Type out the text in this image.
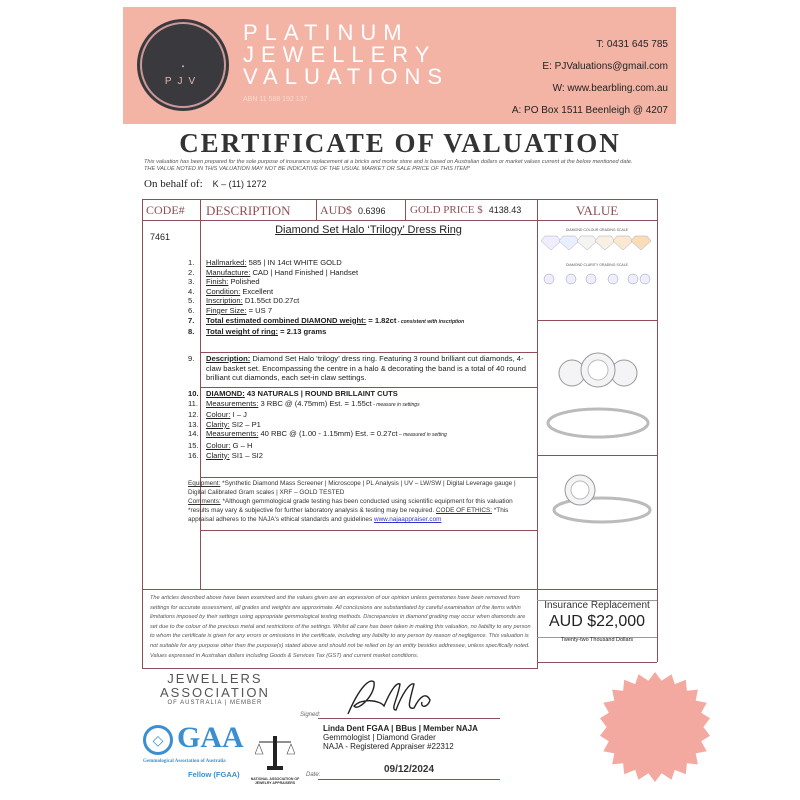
◆
PJV
PLATINUM
JEWELLERY
VALUATIONS
ABN 11 588 192 137
T: 0431 645 785
E: PJValuations@gmail.com
W: www.bearbling.com.au
A: PO Box 1511 Beenleigh @ 4207
CERTIFICATE OF VALUATION
This valuation has been prepared for the sole purpose of insurance replacement at a bricks and mortar store and is based on Australian dollars or market values current at the below mentioned date.
THE VALUE NOTED IN THIS VALUATION MAY NOT BE INDICATIVE OF THE USUAL MARKET OR SALE PRICE OF THIS ITEM*
On behalf of: K – (11) 1272
CODE# DESCRIPTION AUD$ 0.6396 GOLD PRICE $ 4138.43	VALUE
7461
Diamond Set Halo ‘Trilogy’ Dress Ring
1.	Hallmarked: 585 | IN 14ct WHITE GOLD
2.	Manufacture: CAD | Hand Finished | Handset
3.	Finish: Polished
4.	Condition: Excellent
5.	Inscription: D1.55ct D0.27ct
6.	Finger Size: = US 7
7.	Total estimated combined DIAMOND weight: = 1.82ct - consistent with inscription
8.	Total weight of ring: = 2.13 grams
9.	Description: Diamond Set Halo ‘trilogy’ dress ring. Featuring 3 round brilliant cut diamonds, 4-claw basket set. Encompassing the centre in a halo & decorating the band is a total of 40 round brilliant cut diamonds, each set-in claw settings.
10. DIAMOND: 43 NATURALS | ROUND BRILLAINT CUTS
11.	Measurements: 3 RBC @ (4.75mm) Est. = 1.55ct - measure in settings
12. Colour: I – J
13. Clarity: SI2 – P1
14. Measurements: 40 RBC @ (1.00 - 1.15mm) Est. = 0.27ct – measured in setting
15. Colour: G – H
16. Clarity: SI1 – SI2
Equipment: *Synthetic Diamond Mass Screener | Microscope | PL Analysis | UV – LW/SW | Digital Leverage gauge | Digital Calibrated Gram scales | XRF – GOLD TESTED
Comments: *Although gemmological grade testing has been conducted using scientific equipment for this valuation *results may vary & subjective for further laboratory analysis & testing may be required. CODE OF ETHICS: *This appraisal adheres to the NAJA's ethical standards and guidelines www.najaappraiser.com
DIAMOND COLOUR GRADING SCALE
DIAMOND CLARITY GRADING SCALE
The articles described above have been examined and the values given are an expression of our opinion unless gemstones have been removed from settings for accurate assessment, all grades and weights are approximate. All conclusions are substantiated by careful examination of the items within limitations imposed by their settings using appropriate gemmological testing methods. Discrepancies in diamond grading may occur when diamonds are set due to the colour of the precious metal and restrictions of the settings. Whilst all care has been taken in making this valuation, no liability to any person to whom the certificate is given for any errors or omissions in the certificate, including any liability to any person by reason of negligence. This valuation is not suitable for any purpose other than the purpose(s) stated above and should not be relied on by an entity besides addressee, unless specifically noted. Values expressed in Australian dollars including Goods & Services Tax (GST) and current market conditions.
Insurance Replacement
AUD $22,000
Twenty-two Thousand Dollars
JEWELLERS
ASSOCIATION
OF AUSTRALIA | MEMBER
◇ GAA
Gemmological Association of Australia
Fellow (FGAA)	NATIONAL ASSOCIATION OF JEWELRY APPRAISERS
Signed:
Linda Dent FGAA | BBus | Member NAJA
Gemmologist | Diamond Grader
NAJA - Registered Appraiser #22312
Date:	09/12/2024
